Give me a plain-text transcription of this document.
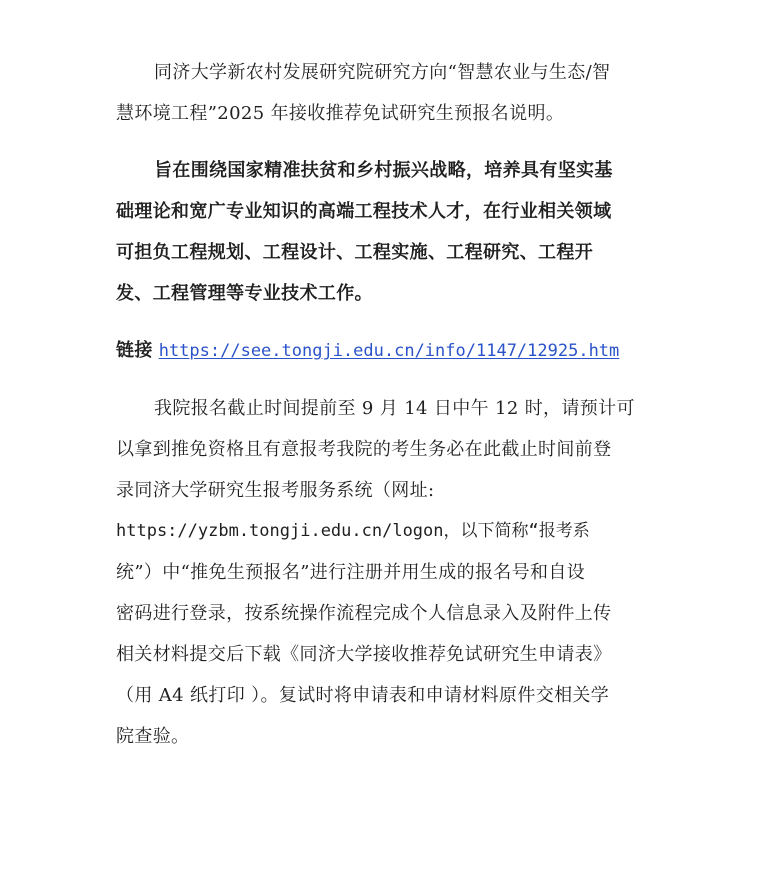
同济大学新农村发展研究院研究方向“智慧农业与生态/智
慧环境工程”2025 年接收推荐免试研究生预报名说明。
旨在围绕国家精准扶贫和乡村振兴战略，培养具有坚实基
础理论和宽广专业知识的高端工程技术人才，在行业相关领域
可担负工程规划、工程设计、工程实施、工程研究、工程开
发、工程管理等专业技术工作。
链接 https://see.tongji.edu.cn/info/1147/12925.htm
我院报名截止时间提前至 9 月 14 日中午 12 时，请预计可
以拿到推免资格且有意报考我院的考生务必在此截止时间前登
录同济大学研究生报考服务系统（网址:
https://yzbm.tongji.edu.cn/logon，以下简称“报考系
统”）中“推免生预报名”进行注册并用生成的报名号和自设
密码进行登录，按系统操作流程完成个人信息录入及附件上传
相关材料提交后下载《同济大学接收推荐免试研究生申请表》
（用 A4 纸打印 ）。复试时将申请表和申请材料原件交相关学
院查验。
